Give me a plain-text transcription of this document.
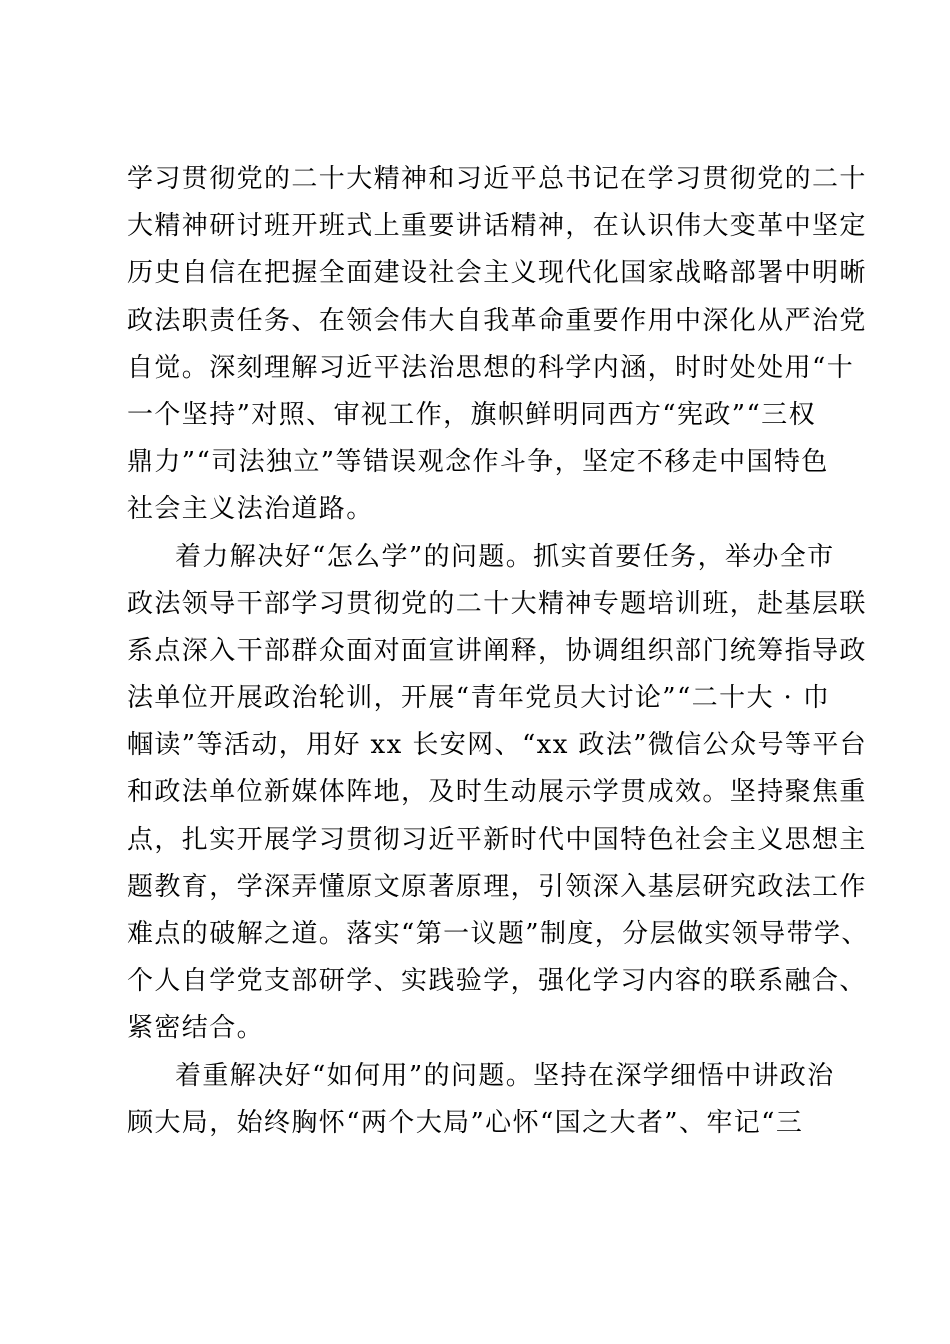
学习贯彻党的二十大精神和习近平总书记在学习贯彻党的二十
大精神研讨班开班式上重要讲话精神，在认识伟大变革中坚定
历史自信在把握全面建设社会主义现代化国家战略部署中明晰
政法职责任务、在领会伟大自我革命重要作用中深化从严治党
自觉。深刻理解习近平法治思想的科学内涵，时时处处用“十
一个坚持”对照、审视工作，旗帜鲜明同西方“宪政”“三权
鼎力”“司法独立”等错误观念作斗争，坚定不移走中国特色
社会主义法治道路。
着力解决好“怎么学”的问题。抓实首要任务，举办全市
政法领导干部学习贯彻党的二十大精神专题培训班，赴基层联
系点深入干部群众面对面宣讲阐释，协调组织部门统筹指导政
法单位开展政治轮训，开展“青年党员大讨论”“二十大 · 巾
帼读”等活动，用好 xx 长安网、“xx 政法”微信公众号等平台
和政法单位新媒体阵地，及时生动展示学贯成效。坚持聚焦重
点，扎实开展学习贯彻习近平新时代中国特色社会主义思想主
题教育，学深弄懂原文原著原理，引领深入基层研究政法工作
难点的破解之道。落实“第一议题”制度，分层做实领导带学、
个人自学党支部研学、实践验学，强化学习内容的联系融合、
紧密结合。
着重解决好“如何用”的问题。坚持在深学细悟中讲政治
顾大局，始终胸怀“两个大局”心怀“国之大者”、牢记“三
